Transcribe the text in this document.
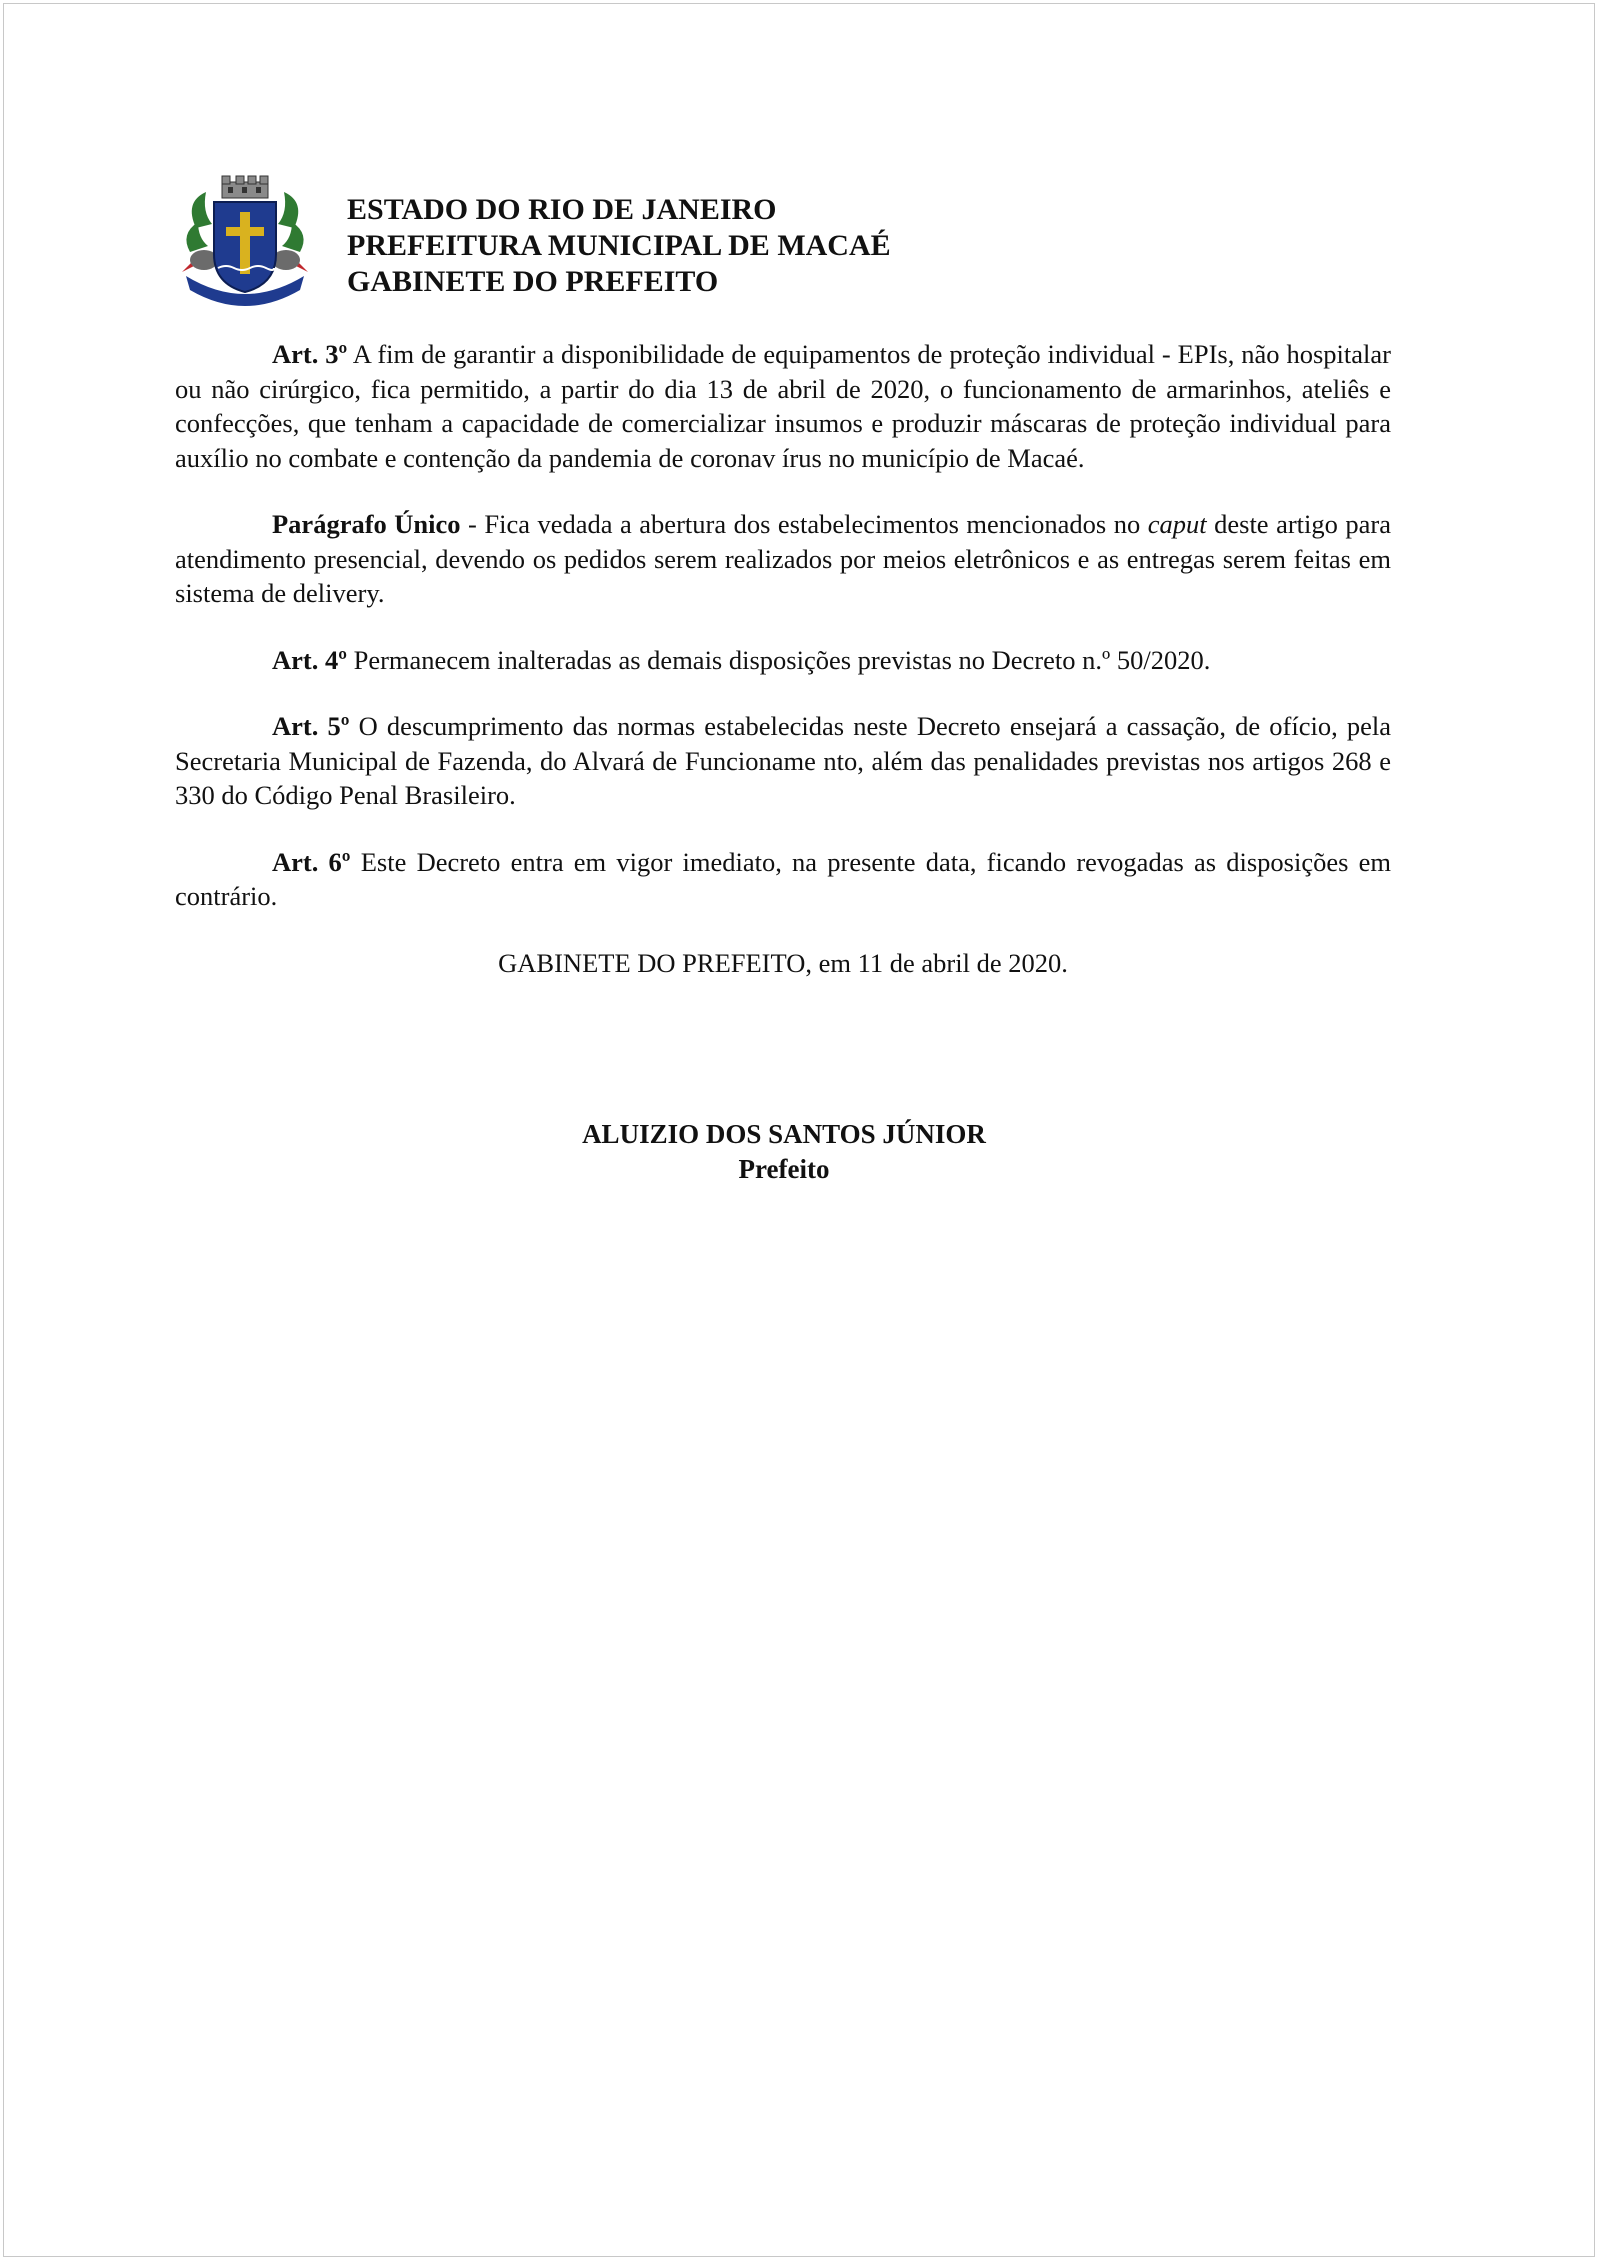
ESTADO DO RIO DE JANEIRO
PREFEITURA MUNICIPAL DE MACAÉ
GABINETE DO PREFEITO

Art. 3º A fim de garantir a disponibilidade de equipamentos de proteção individual - EPIs, não hospitalar ou não cirúrgico, fica permitido, a partir do dia 13 de abril de 2020, o funcionamento de armarinhos, ateliês e confecções, que tenham a capacidade de comercializar insumos e produzir máscaras de proteção individual para auxílio no combate e contenção da pandemia de coronav írus no município de Macaé.

Parágrafo Único - Fica vedada a abertura dos estabelecimentos mencionados no caput deste artigo para atendimento presencial, devendo os pedidos serem realizados por meios eletrônicos e as entregas serem feitas em sistema de delivery.

Art. 4º Permanecem inalteradas as demais disposições previstas no Decreto n.º 50/2020.

Art. 5º O descumprimento das normas estabelecidas neste Decreto ensejará a cassação, de ofício, pela Secretaria Municipal de Fazenda, do Alvará de Funcioname nto, além das penalidades previstas nos artigos 268 e 330 do Código Penal Brasileiro.

Art. 6º Este Decreto entra em vigor imediato, na presente data, ficando revogadas as disposições em contrário.

GABINETE DO PREFEITO, em 11 de abril de 2020.

ALUIZIO DOS SANTOS JÚNIOR
Prefeito
